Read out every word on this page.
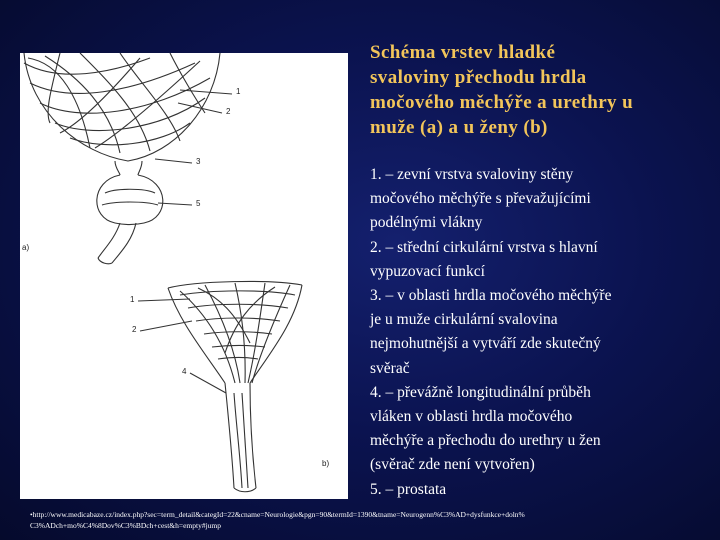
1
2
3
5
a)
1
2
4
b)
Schéma vrstev hladké
svaloviny přechodu hrdla
močového měchýře a urethry u
muže (a) a u ženy (b)
1. – zevní vrstva svaloviny stěny
močového měchýře s převažujícími
podélnými vlákny
2. – střední cirkulární vrstva s hlavní
vypuzovací funkcí
3. – v oblasti hrdla močového měchýře
je u muže cirkulární svalovina
nejmohutnější a vytváří zde skutečný
svěrač
4. – převážně longitudinální průběh
vláken v oblasti hrdla močového
měchýře a přechodu do urethry u žen
(svěrač zde není vytvořen)
5. – prostata
•http://www.medicabaze.cz/index.php?sec=term_detail&categId=22&cname=Neurologie&pgn=90&termId=1390&tname=Neurogenn%C3%AD+dysfunkce+doln%
C3%ADch+mo%C4%8Dov%C3%BDch+cest&h=empty#jump
